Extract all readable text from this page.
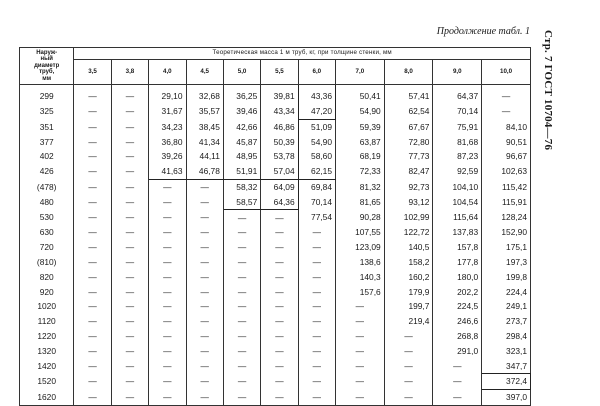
Продолжение табл. 1 Стр. 7 ГОСТ 10704—76
Наруж-
ный
диаметр
труб,
мм	Теоретическая масса 1 м труб, кг, при толщине стенки, мм										
	3,5	3,8	4,0	4,5	5,0	5,5	6,0	7,0	8,0	9,0	10,0
299	—	—	29,10	32,68	36,25	39,81	43,36	50,41	57,41	64,37	—
325	—	—	31,67	35,57	39,46	43,34	47,20	54,90	62,54	70,14	—
351	—	—	34,23	38,45	42,66	46,86	51,09	59,39	67,67	75,91	84,10
377	—	—	36,80	41,34	45,87	50,39	54,90	63,87	72,80	81,68	90,51
402	—	—	39,26	44,11	48,95	53,78	58,60	68,19	77,73	87,23	96,67
426	—	—	41,63	46,78	51,91	57,04	62,15	72,33	82,47	92,59	102,63
(478)	—	—	—	—	58,32	64,09	69,84	81,32	92,73	104,10	115,42
480	—	—	—	—	58,57	64,36	70,14	81,65	93,12	104,54	115,91
530	—	—	—	—	—	—	77,54	90,28	102,99	115,64	128,24
630	—	—	—	—	—	—	—	107,55	122,72	137,83	152,90
720	—	—	—	—	—	—	—	123,09	140,5	157,8	175,1
(810)	—	—	—	—	—	—	—	138,6	158,2	177,8	197,3
820	—	—	—	—	—	—	—	140,3	160,2	180,0	199,8
920	—	—	—	—	—	—	—	157,6	179,9	202,2	224,4
1020	—	—	—	—	—	—	—	—	199,7	224,5	249,1
1120	—	—	—	—	—	—	—	—	219,4	246,6	273,7
1220	—	—	—	—	—	—	—	—	—	268,8	298,4
1320	—	—	—	—	—	—	—	—	—	291,0	323,1
1420	—	—	—	—	—	—	—	—	—	—	347,7
1520	—	—	—	—	—	—	—	—	—	—	372,4
1620	—	—	—	—	—	—	—	—	—	—	397,0
